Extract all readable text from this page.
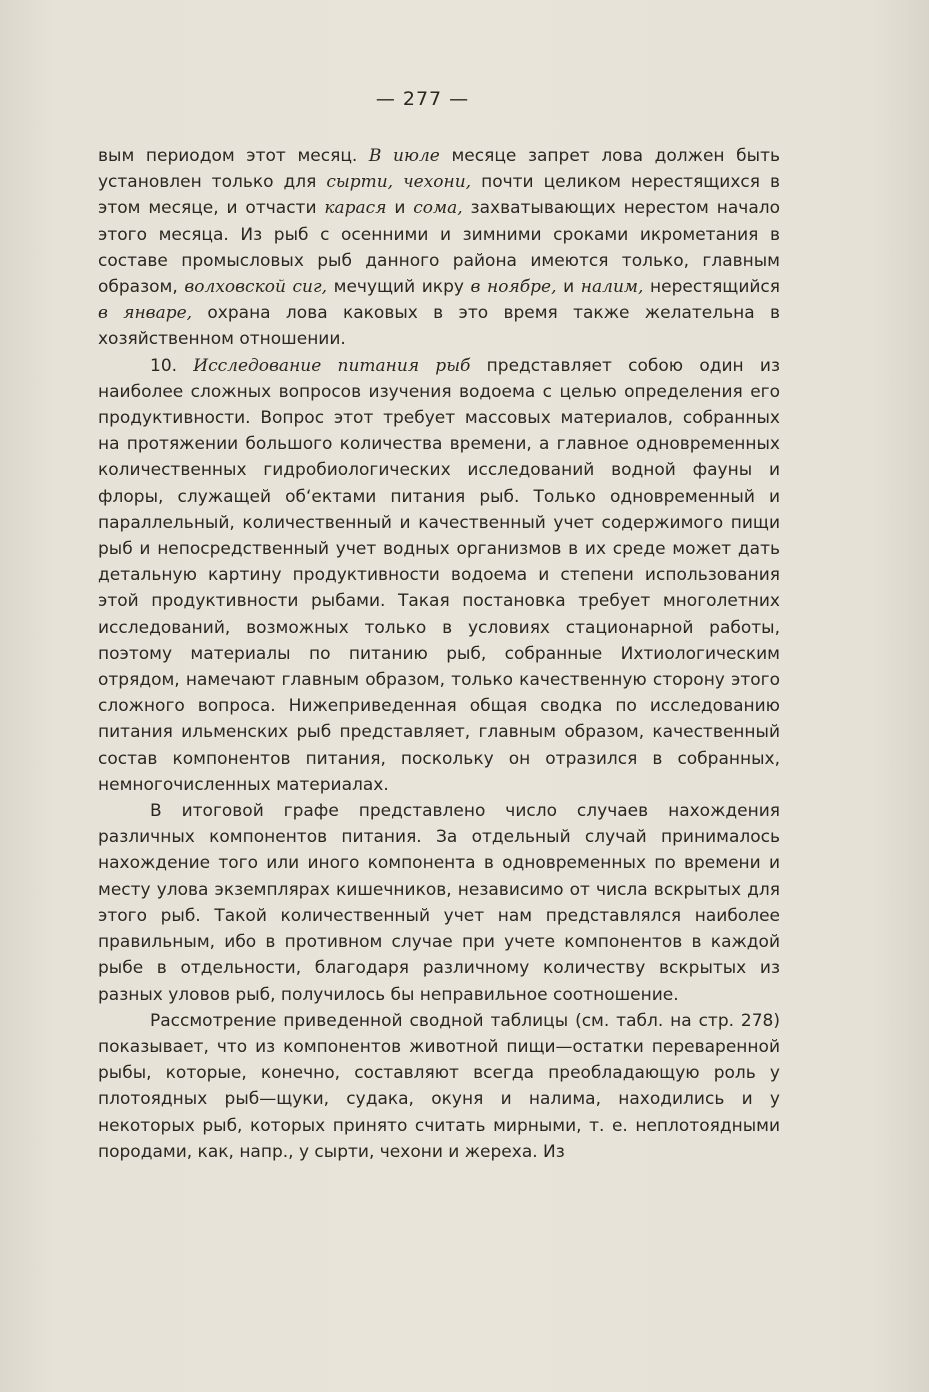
— 277 —

вым периодом этот месяц. В июле месяце запрет лова должен быть установлен только для сырти, чехони, почти целиком нерестящихся в этом месяце, и отчасти карася и сома, захватывающих нерестом начало этого месяца. Из рыб с осенними и зимними сроками икрометания в составе промысловых рыб данного района имеются только, главным образом, волховской сиг, мечущий икру в ноябре, и налим, нерестящийся в январе, охрана лова каковых в это время также желательна в хозяйственном отношении.

10. Исследование питания рыб представляет собою один из наиболее сложных вопросов изучения водоема с целью определения его продуктивности. Вопрос этот требует массовых материалов, собранных на протяжении большого количества времени, а главное одновременных количественных гидробиологических исследований водной фауны и флоры, служащей об‘ектами питания рыб. Только одновременный и параллельный, количественный и качественный учет содержимого пищи рыб и непосредственный учет водных организмов в их среде может дать детальную картину продуктивности водоема и степени использования этой продуктивности рыбами. Такая постановка требует многолетних исследований, возможных только в условиях стационарной работы, поэтому материалы по питанию рыб, собранные Ихтиологическим отрядом, намечают главным образом, только качественную сторону этого сложного вопроса. Нижеприведенная общая сводка по исследованию питания ильменских рыб представляет, главным образом, качественный состав компонентов питания, поскольку он отразился в собранных, немногочисленных материалах.

В итоговой графе представлено число случаев нахождения различных компонентов питания. За отдельный случай принималось нахождение того или иного компонента в одновременных по времени и месту улова экземплярах кишечников, независимо от числа вскрытых для этого рыб. Такой количественный учет нам представлялся наиболее правильным, ибо в противном случае при учете компонентов в каждой рыбе в отдельности, благодаря различному количеству вскрытых из разных уловов рыб, получилось бы неправильное соотношение.

Рассмотрение приведенной сводной таблицы (см. табл. на стр. 278) показывает, что из компонентов животной пищи—остатки переваренной рыбы, которые, конечно, составляют всегда преобладающую роль у плотоядных рыб—щуки, судака, окуня и налима, находились и у некоторых рыб, которых принято считать мирными, т. е. неплотоядными породами, как, напр., у сырти, чехони и жереха. Из
